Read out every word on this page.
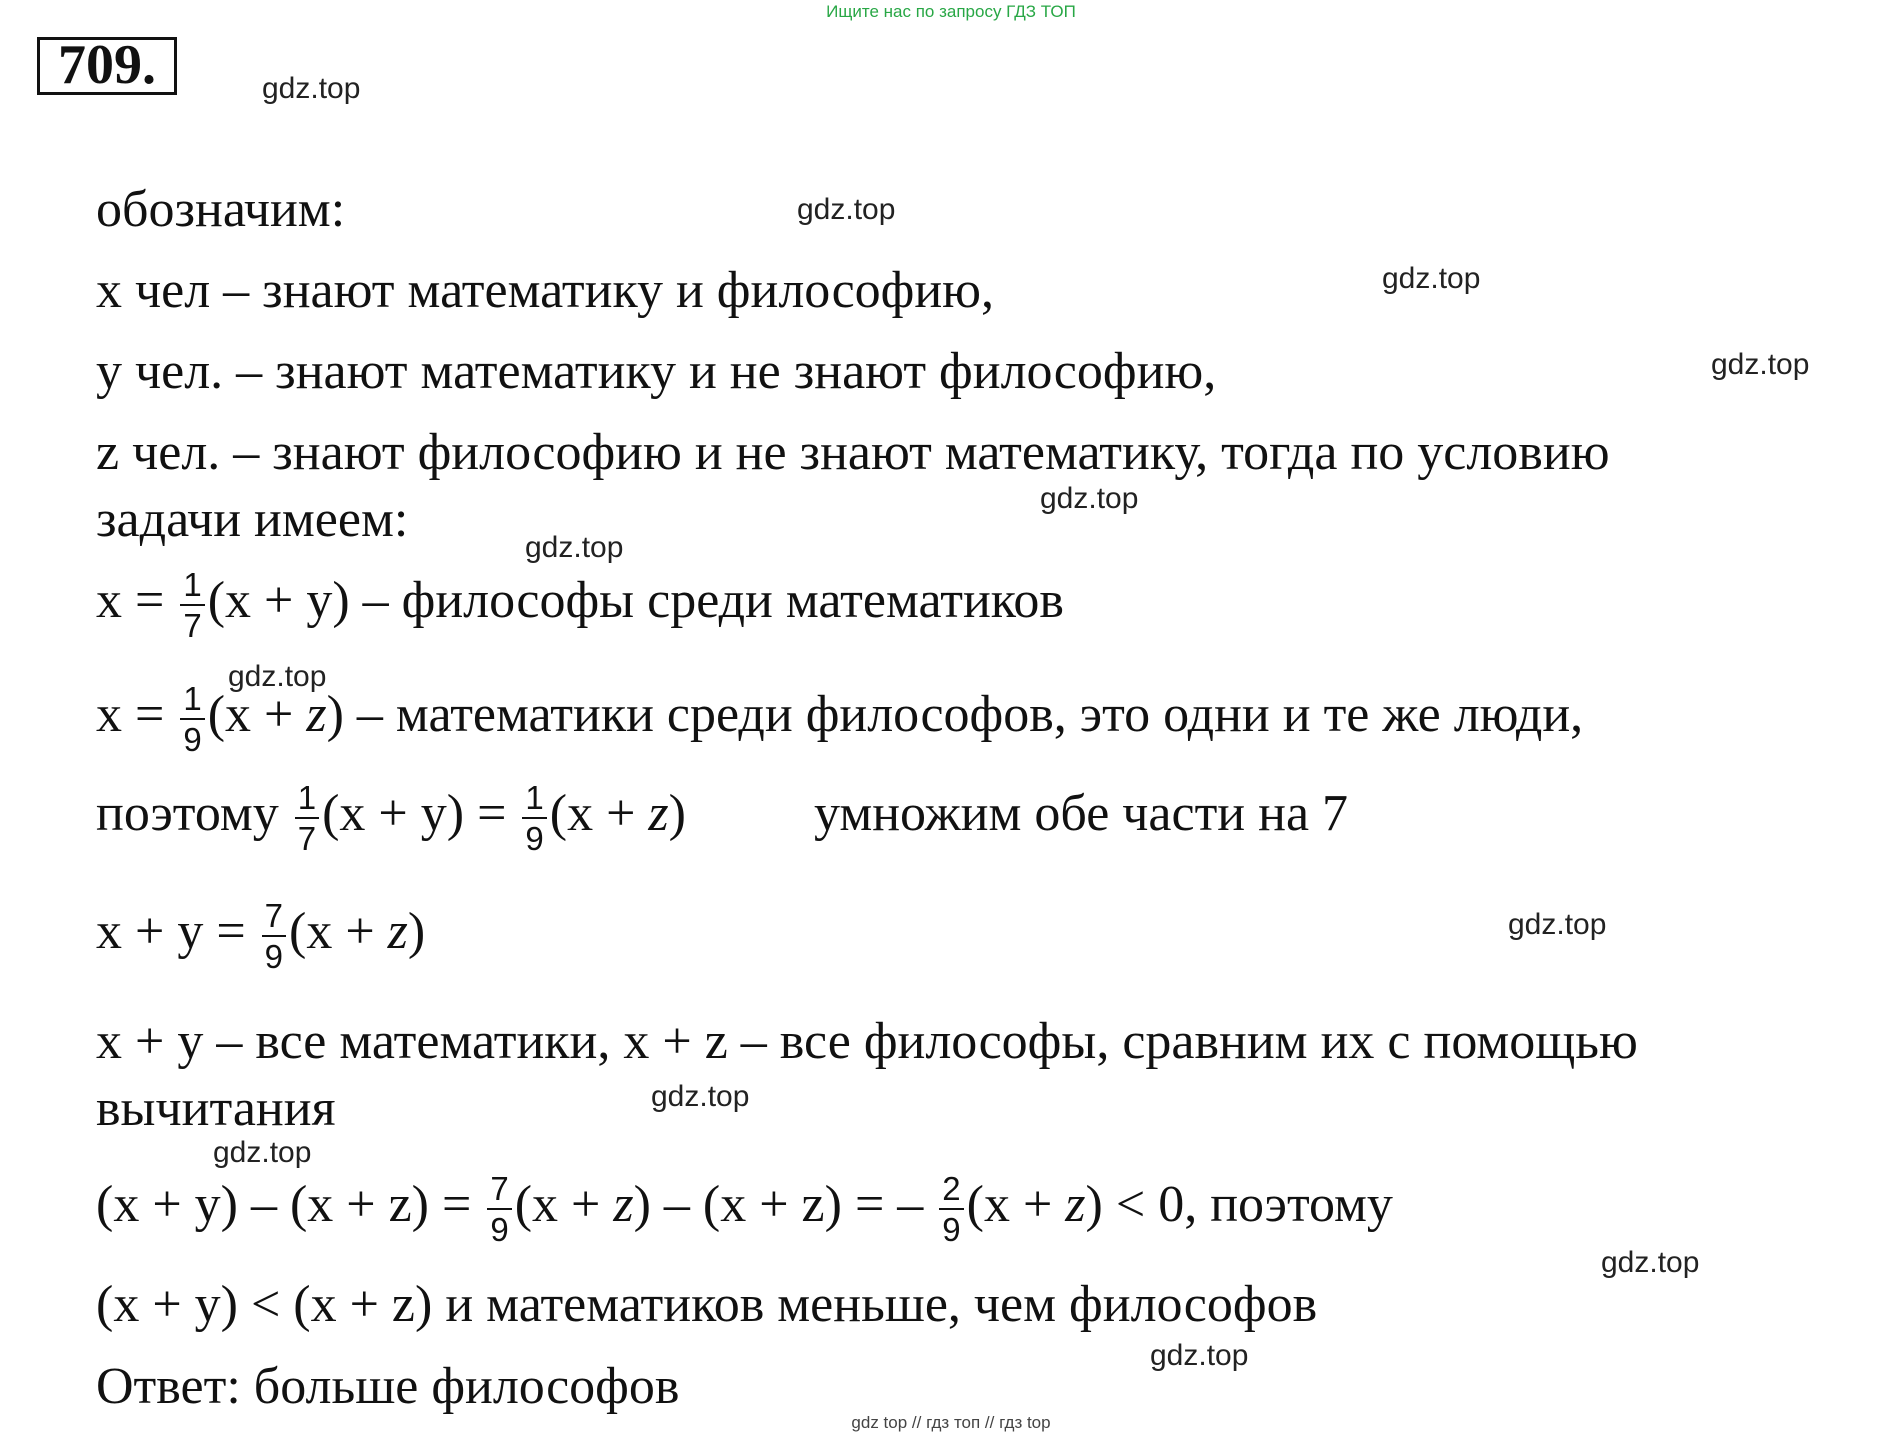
Ищите нас по запросу ГДЗ ТОП
709.	gdz.top
gdz.top
gdz.top
gdz.top
gdz.top
gdz.top
gdz.top
gdz.top
gdz.top
gdz.top
gdz.top
gdz.top
обозначим:
x чел – знают математику и философию,
y чел. – знают математику и не знают философию,
z чел. – знают философию и не знают математику, тогда по условию
задачи имеем:
$x = \frac{1}{7} (x + y)$ – философы среди математиков
$x = \frac{1}{9} (x + z)$ – математики среди философов, это одни и те же люди,
поэтому $\frac{1}{7} (x + y) = \frac{1}{9} (x + z)$ умножим обе части на 7
$x + y = \frac{7}{9} (x + z)$
x + y – все математики, x + z – все философы, сравним их с помощью
вычитания
$(x + y) - (x + z) = \frac{7}{9} (x + z) - (x + z)$ = – $\frac{2}{9} (x + z) < 0$, поэтому
(x + y) < (x + z) и математиков меньше, чем философов
Ответ: больше философов
gdz top // гдз топ // гдз top
